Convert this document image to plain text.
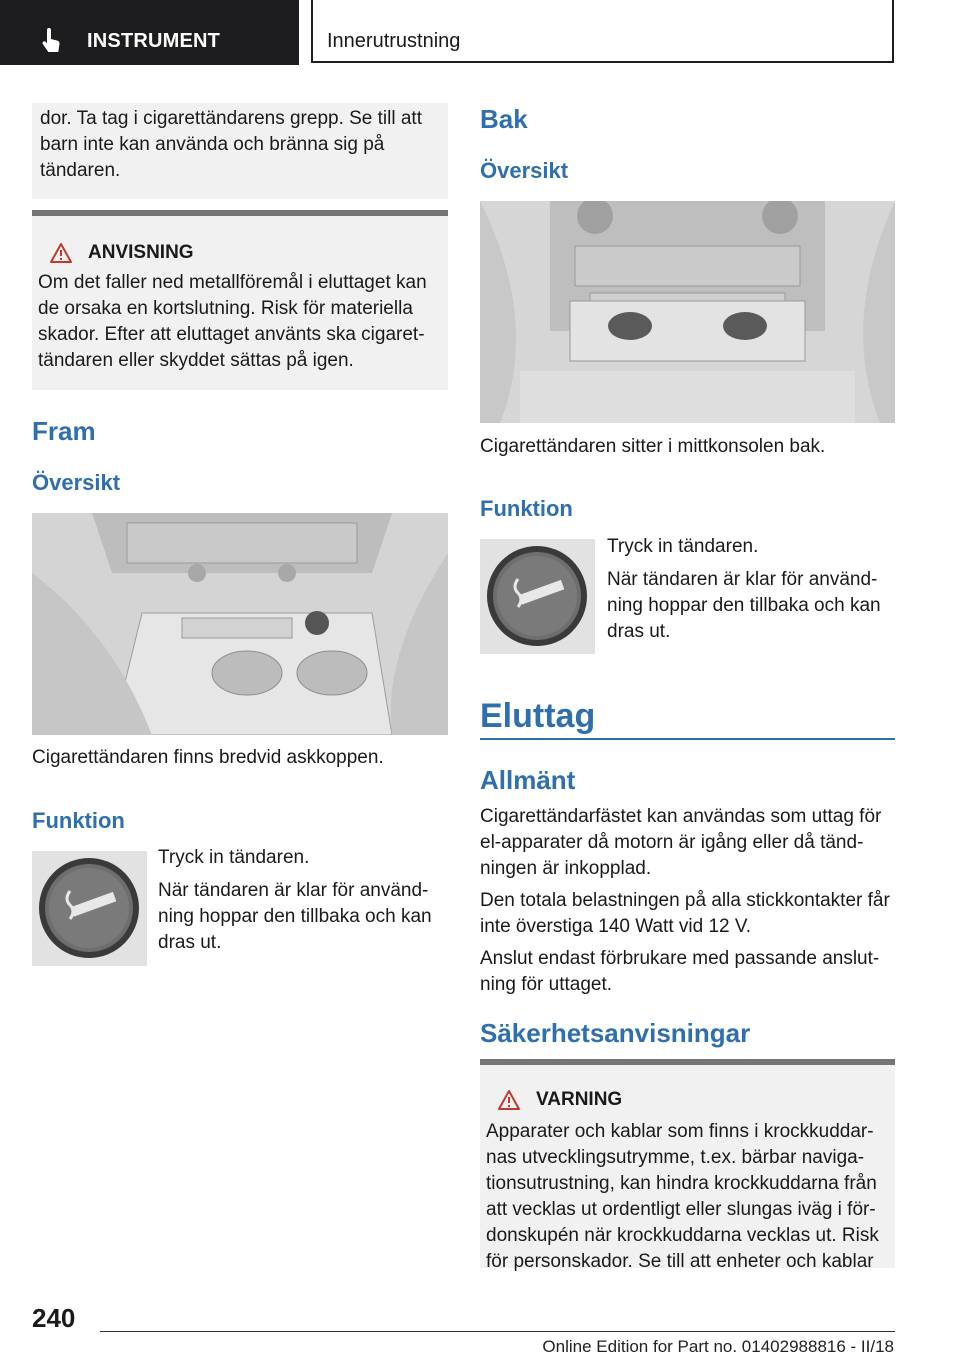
INSTRUMENT	Innerutrustning

dor. Ta tag i cigarettändarens grepp. Se till att barn inte kan använda och bränna sig på tändaren.

ANVISNING
Om det faller ned metallföremål i eluttaget kan
de orsaka en kortslutning. Risk för materiella
skador. Efter att eluttaget använts ska cigaret-
tändaren eller skyddet sättas på igen.
Fram
Översikt
Cigarettändaren finns bredvid askkoppen.
Funktion
Tryck in tändaren.
När tändaren är klar för använd-
ning hoppar den tillbaka och kan
dras ut.
Bak
Översikt
Cigarettändaren sitter i mittkonsolen bak.
Funktion
Tryck in tändaren.
När tändaren är klar för använd-
ning hoppar den tillbaka och kan
dras ut.
Eluttag
Allmänt
Cigarettändarfästet kan användas som uttag för
el-apparater då motorn är igång eller då tänd-
ningen är inkopplad.
Den totala belastningen på alla stickkontakter får
inte överstiga 140 Watt vid 12 V.
Anslut endast förbrukare med passande anslut-
ning för uttaget.
Säkerhetsanvisningar
VARNING
Apparater och kablar som finns i krockkuddar-
nas utvecklingsutrymme, t.ex. bärbar naviga-
tionsutrustning, kan hindra krockkuddarna från
att vecklas ut ordentligt eller slungas iväg i för-
donskupén när krockkuddarna vecklas ut. Risk
för personskador. Se till att enheter och kablar
240
Online Edition for Part no. 01402988816 - II/18
